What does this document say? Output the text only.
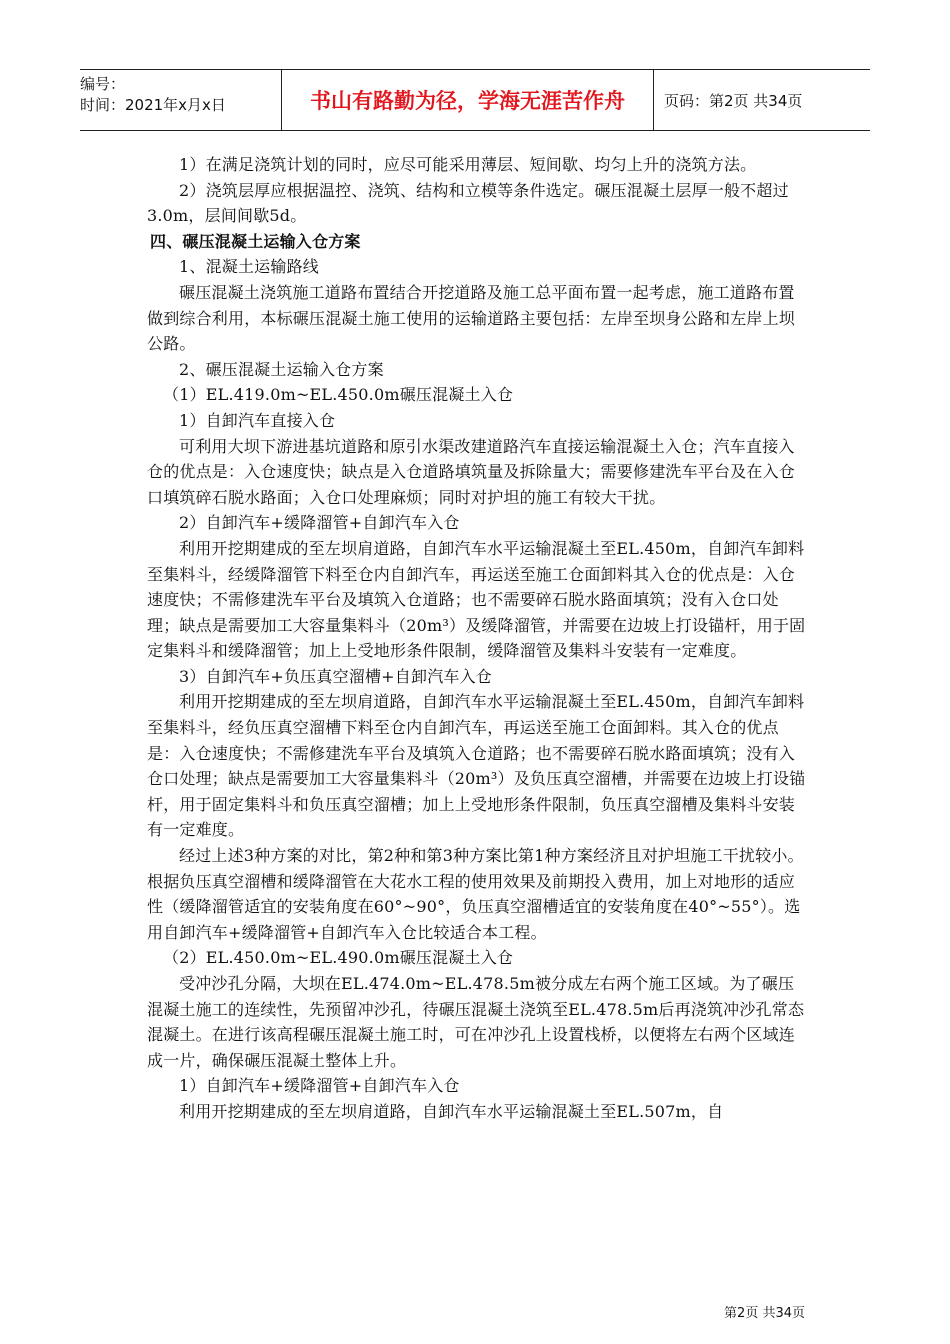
编号：
时间：2021年x月x日	书山有路勤为径，学海无涯苦作舟	页码：第2页 共34页

1）在满足浇筑计划的同时，应尽可能采用薄层、短间歇、均匀上升的浇筑方法。

2）浇筑层厚应根据温控、浇筑、结构和立模等条件选定。碾压混凝土层厚一般不超过3.0m，层间间歇5d。

四、碾压混凝土运输入仓方案

1、混凝土运输路线

碾压混凝土浇筑施工道路布置结合开挖道路及施工总平面布置一起考虑，施工道路布置做到综合利用，本标碾压混凝土施工使用的运输道路主要包括：左岸至坝身公路和左岸上坝公路。

2、碾压混凝土运输入仓方案

（1）EL.419.0m~EL.450.0m碾压混凝土入仓

1）自卸汽车直接入仓

可利用大坝下游进基坑道路和原引水渠改建道路汽车直接运输混凝土入仓；汽车直接入仓的优点是：入仓速度快；缺点是入仓道路填筑量及拆除量大；需要修建洗车平台及在入仓口填筑碎石脱水路面；入仓口处理麻烦；同时对护坦的施工有较大干扰。

2）自卸汽车+缓降溜管+自卸汽车入仓

利用开挖期建成的至左坝肩道路，自卸汽车水平运输混凝土至EL.450m，自卸汽车卸料至集料斗，经缓降溜管下料至仓内自卸汽车，再运送至施工仓面卸料其入仓的优点是：入仓速度快；不需修建洗车平台及填筑入仓道路；也不需要碎石脱水路面填筑；没有入仓口处理；缺点是需要加工大容量集料斗（20m³）及缓降溜管，并需要在边坡上打设锚杆，用于固定集料斗和缓降溜管；加上上受地形条件限制，缓降溜管及集料斗安装有一定难度。

3）自卸汽车+负压真空溜槽+自卸汽车入仓

利用开挖期建成的至左坝肩道路，自卸汽车水平运输混凝土至EL.450m，自卸汽车卸料至集料斗，经负压真空溜槽下料至仓内自卸汽车，再运送至施工仓面卸料。其入仓的优点是：入仓速度快；不需修建洗车平台及填筑入仓道路；也不需要碎石脱水路面填筑；没有入仓口处理；缺点是需要加工大容量集料斗（20m³）及负压真空溜槽，并需要在边坡上打设锚杆，用于固定集料斗和负压真空溜槽；加上上受地形条件限制，负压真空溜槽及集料斗安装有一定难度。

经过上述3种方案的对比，第2种和第3种方案比第1种方案经济且对护坦施工干扰较小。根据负压真空溜槽和缓降溜管在大花水工程的使用效果及前期投入费用，加上对地形的适应性（缓降溜管适宜的安装角度在60°~90°，负压真空溜槽适宜的安装角度在40°~55°）。选用自卸汽车+缓降溜管+自卸汽车入仓比较适合本工程。

（2）EL.450.0m~EL.490.0m碾压混凝土入仓

受冲沙孔分隔，大坝在EL.474.0m~EL.478.5m被分成左右两个施工区域。为了碾压混凝土施工的连续性，先预留冲沙孔，待碾压混凝土浇筑至EL.478.5m后再浇筑冲沙孔常态混凝土。在进行该高程碾压混凝土施工时，可在冲沙孔上设置栈桥，以便将左右两个区域连成一片，确保碾压混凝土整体上升。

1）自卸汽车+缓降溜管+自卸汽车入仓

利用开挖期建成的至左坝肩道路，自卸汽车水平运输混凝土至EL.507m，自

第2页 共34页
